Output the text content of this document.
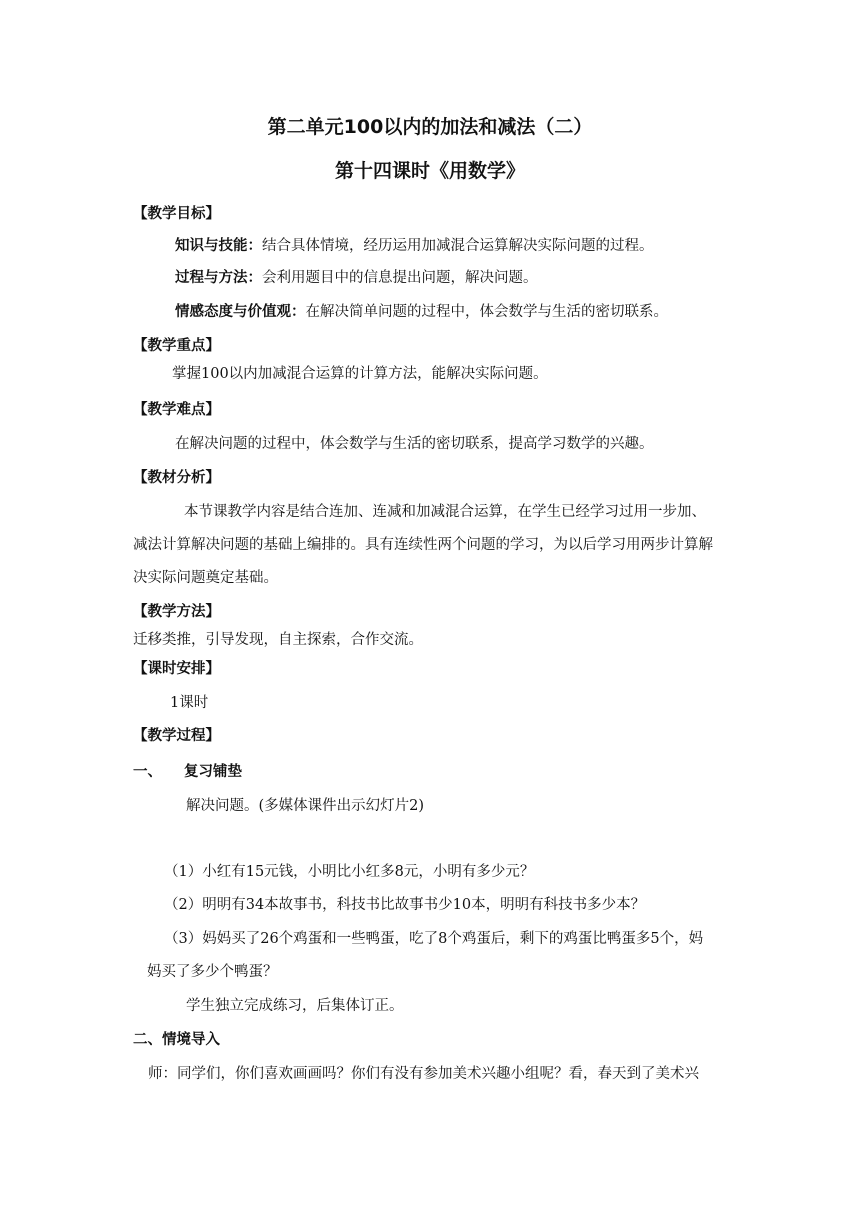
第二单元100以内的加法和减法（二）
第十四课时《用数学》
【教学目标】
知识与技能：结合具体情境，经历运用加减混合运算解决实际问题的过程。
过程与方法：会利用题目中的信息提出问题，解决问题。
情感态度与价值观：在解决简单问题的过程中，体会数学与生活的密切联系。
【教学重点】
掌握100以内加减混合运算的计算方法，能解决实际问题。
【教学难点】
在解决问题的过程中，体会数学与生活的密切联系，提高学习数学的兴趣。
【教材分析】
本节课教学内容是结合连加、连减和加减混合运算，在学生已经学习过用一步加、
减法计算解决问题的基础上编排的。具有连续性两个问题的学习，为以后学习用两步计算解
决实际问题奠定基础。
【教学方法】
迁移类推，引导发现，自主探索，合作交流。
【课时安排】
1课时
【教学过程】
一、 复习铺垫
解决问题。(多媒体课件出示幻灯片2)
（1）小红有15元钱，小明比小红多8元，小明有多少元？
（2）明明有34本故事书，科技书比故事书少10本，明明有科技书多少本？
（3）妈妈买了26个鸡蛋和一些鸭蛋，吃了8个鸡蛋后，剩下的鸡蛋比鸭蛋多5个，妈
妈买了多少个鸭蛋？
学生独立完成练习，后集体订正。
二、情境导入
师：同学们，你们喜欢画画吗？你们有没有参加美术兴趣小组呢？看，春天到了美术兴
